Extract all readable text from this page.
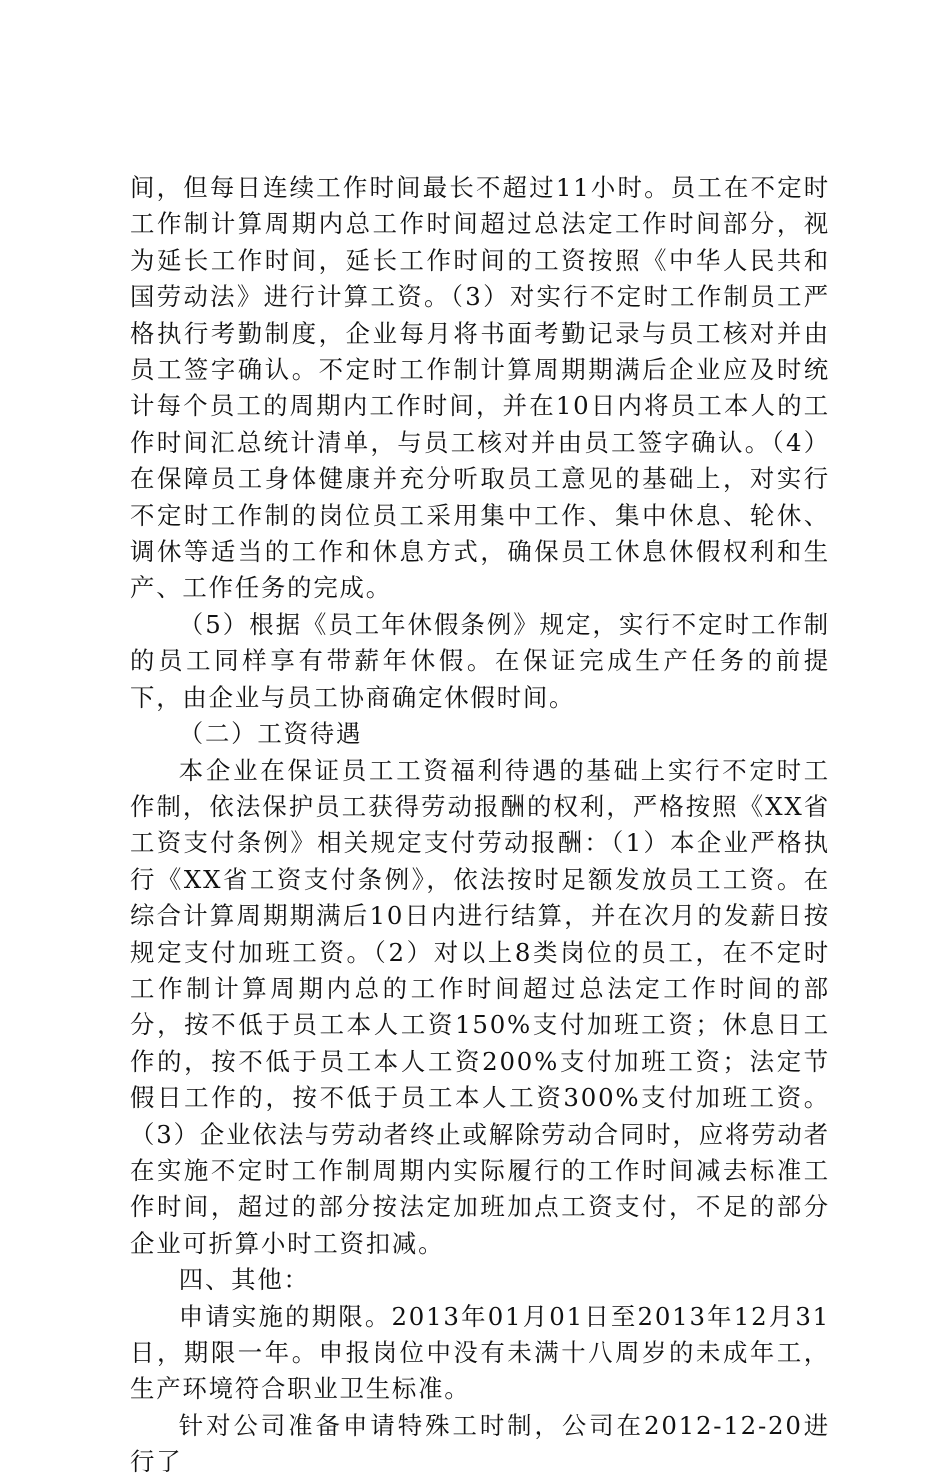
间，但每日连续工作时间最长不超过11小时。员工在不定时工作制计算周期内总工作时间超过总法定工作时间部分，视为延长工作时间，延长工作时间的工资按照《中华人民共和国劳动法》进行计算工资。（3）对实行不定时工作制员工严格执行考勤制度，企业每月将书面考勤记录与员工核对并由员工签字确认。不定时工作制计算周期期满后企业应及时统计每个员工的周期内工作时间，并在10日内将员工本人的工作时间汇总统计清单，与员工核对并由员工签字确认。（4）在保障员工身体健康并充分听取员工意见的基础上，对实行不定时工作制的岗位员工采用集中工作、集中休息、轮休、调休等适当的工作和休息方式，确保员工休息休假权利和生产、工作任务的完成。

（5）根据《员工年休假条例》规定，实行不定时工作制的员工同样享有带薪年休假。在保证完成生产任务的前提下，由企业与员工协商确定休假时间。

（二）工资待遇

本企业在保证员工工资福利待遇的基础上实行不定时工作制，依法保护员工获得劳动报酬的权利，严格按照《XX省工资支付条例》相关规定支付劳动报酬：（1）本企业严格执行《XX省工资支付条例》，依法按时足额发放员工工资。在综合计算周期期满后10日内进行结算，并在次月的发薪日按规定支付加班工资。（2）对以上8类岗位的员工，在不定时工作制计算周期内总的工作时间超过总法定工作时间的部分，按不低于员工本人工资150%支付加班工资；休息日工作的，按不低于员工本人工资200%支付加班工资；法定节假日工作的，按不低于员工本人工资300%支付加班工资。（3）企业依法与劳动者终止或解除劳动合同时，应将劳动者在实施不定时工作制周期内实际履行的工作时间减去标准工作时间，超过的部分按法定加班加点工资支付，不足的部分企业可折算小时工资扣减。

四、其他：

申请实施的期限。2013年01月01日至2013年12月31日，期限一年。申报岗位中没有未满十八周岁的未成年工，生产环境符合职业卫生标准。

针对公司准备申请特殊工时制，公司在2012-12-20进行了
